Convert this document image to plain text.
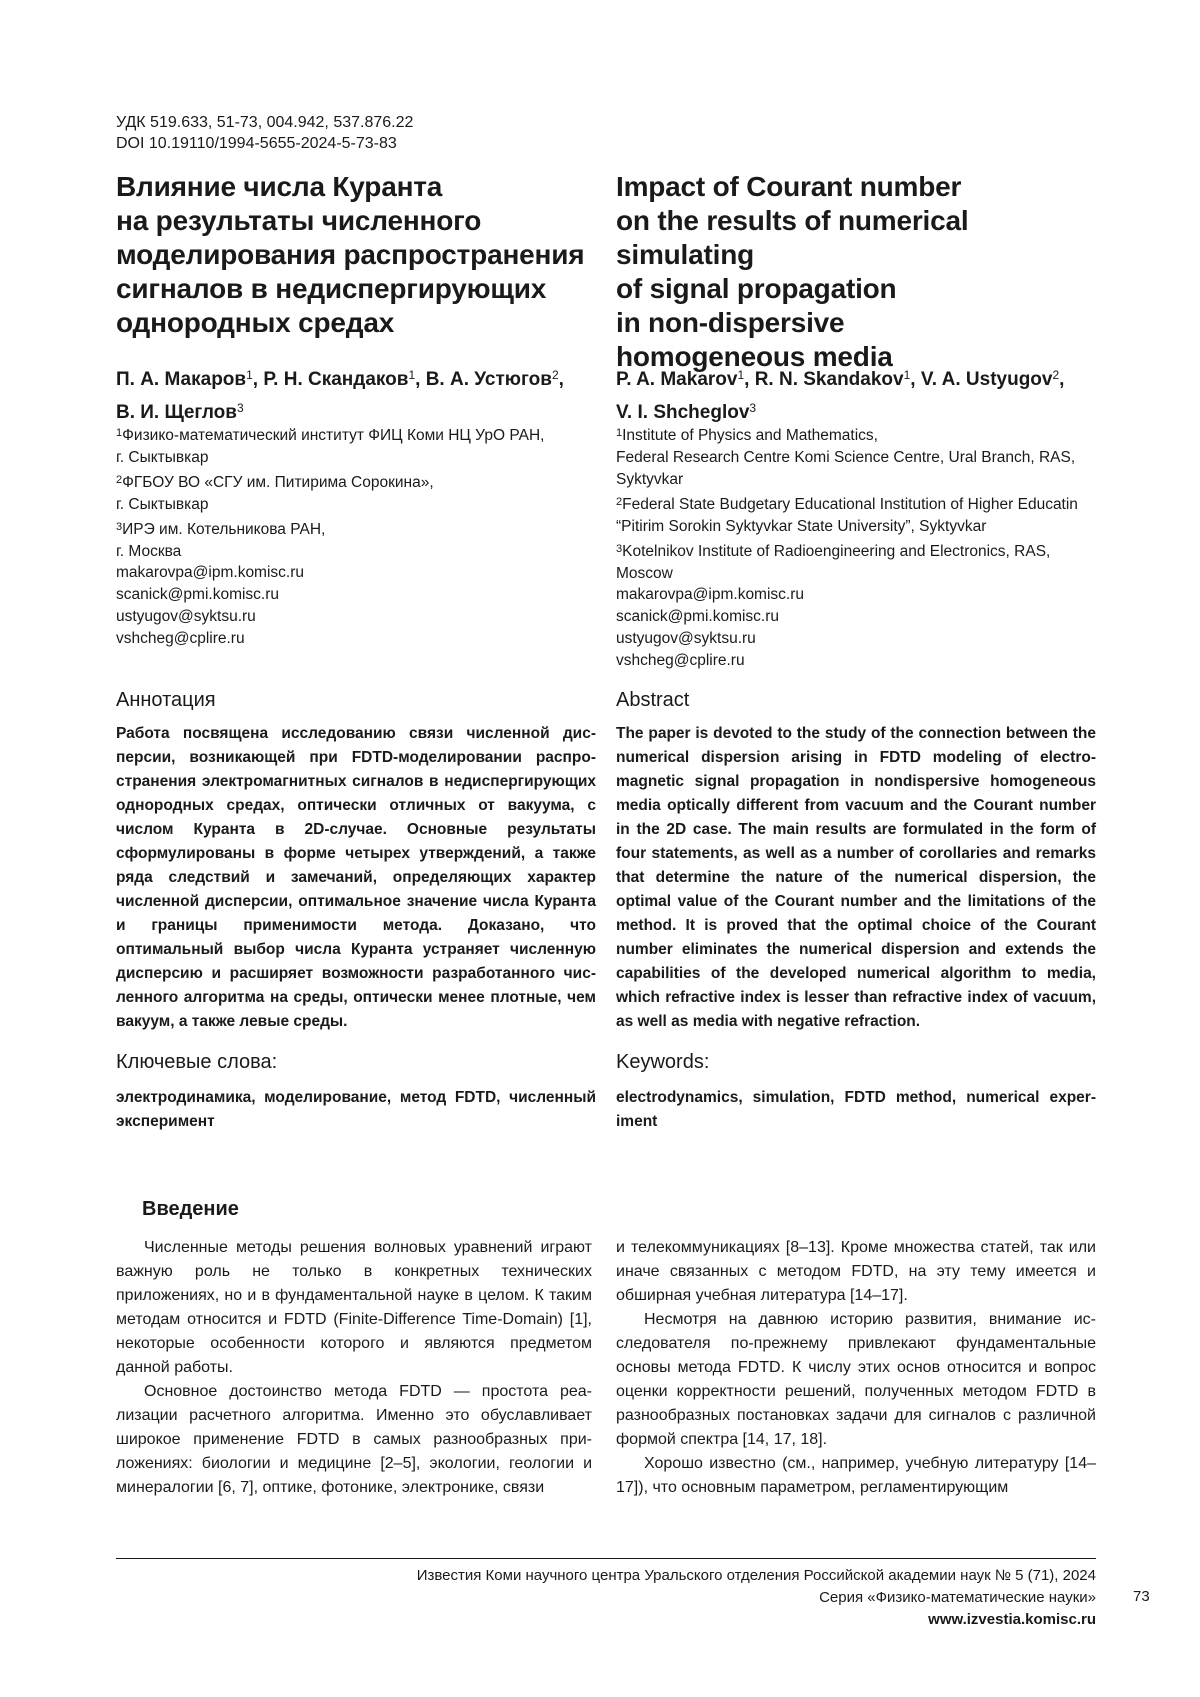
УДК 519.633, 51-73, 004.942, 537.876.22
DOI 10.19110/1994-5655-2024-5-73-83
Влияние числа Куранта
на результаты численного
моделирования распространения
сигналов в недиспергирующих
однородных средах
Impact of Courant number
on the results of numerical simulating
of signal propagation
in non-dispersive
homogeneous media
П. А. Макаров$^1$, Р. Н. Скандаков$^1$, В. А. Устюгов$^2$,
В. И. Щеглов$^3$
P. A. Makarov$^1$, R. N. Skandakov$^1$, V. A. Ustyugov$^2$,
V. I. Shcheglov$^3$
$^1$Физико-математический институт ФИЦ Коми НЦ УрО РАН,
г. Сыктывкар
$^2$ФГБОУ ВО «СГУ им. Питирима Сорокина»,
г. Сыктывкар
$^3$ИРЭ им. Котельникова РАН,
г. Москва
$^1$Institute of Physics and Mathematics,
Federal Research Centre Komi Science Centre, Ural Branch, RAS,
Syktyvkar
$^2$Federal State Budgetary Educational Institution of Higher Educatin
“Pitirim Sorokin Syktyvkar State University”, Syktyvkar
$^3$Kotelnikov Institute of Radioengineering and Electronics, RAS,
Moscow
makarovpa@ipm.komisc.ru
scanick@pmi.komisc.ru
ustyugov@syktsu.ru
vshcheg@cplire.ru
makarovpa@ipm.komisc.ru
scanick@pmi.komisc.ru
ustyugov@syktsu.ru
vshcheg@cplire.ru
Аннотация	Abstract
Работа посвящена исследованию связи численной дисперсии, возникающей при FDTD-моделировании распространения электромагнитных сигналов в недиспергирующих однородных средах, оптически отличных от вакуума, с числом Куранта в 2D-случае. Основные результаты сформулированы в форме четырех утверждений, а также ряда следствий и замечаний, определяющих характер численной дисперсии, оптимальное значение числа Куранта и границы применимости метода. Доказано, что оптимальный выбор числа Куранта устраняет численную дисперсию и расширяет возможности разработанного численного алгоритма на среды, оптически менее плотные, чем вакуум, а также левые среды.
The paper is devoted to the study of the connection between the numerical dispersion arising in FDTD modeling of electromagnetic signal propagation in nondispersive homogeneous media optically different from vacuum and the Courant number in the 2D case. The main results are formulated in the form of four statements, as well as a number of corollaries and remarks that determine the nature of the numerical dispersion, the optimal value of the Courant number and the limitations of the method. It is proved that the optimal choice of the Courant number eliminates the numerical dispersion and extends the capabilities of the developed numerical algorithm to media, which refractive index is lesser than refractive index of vacuum, as well as media with negative refraction.
Ключевые слова:	Keywords:
электродинамика, моделирование, метод FDTD, численный эксперимент
electrodynamics, simulation, FDTD method, numerical experiment
Введение

Численные методы решения волновых уравнений играют важную роль не только в конкретных технических приложениях, но и в фундаментальной науке в целом. К таким методам относится и FDTD (Finite-Difference Time-Domain) [1], некоторые особенности которого и являются предметом данной работы.

Основное достоинство метода FDTD — простота реализации расчетного алгоритма. Именно это обуславливает широкое применение FDTD в самых разнообразных приложениях: биологии и медицине [2–5], экологии, геологии и минералогии [6, 7], оптике, фотонике, электронике, связи

и телекоммуникациях [8–13]. Кроме множества статей, так или иначе связанных с методом FDTD, на эту тему имеется и обширная учебная литература [14–17].

Несмотря на давнюю историю развития, внимание исследователя по-прежнему привлекают фундаментальные основы метода FDTD. К числу этих основ относится и вопрос оценки корректности решений, полученных методом FDTD в разнообразных постановках задачи для сигналов с различной формой спектра [14, 17, 18].

Хорошо известно (см., например, учебную литературу [14–17]), что основным параметром, регламентирующим

Известия Коми научного центра Уральского отделения Российской академии наук № 5 (71), 2024
Серия «Физико-математические науки»
www.izvestia.komisc.ru
73
